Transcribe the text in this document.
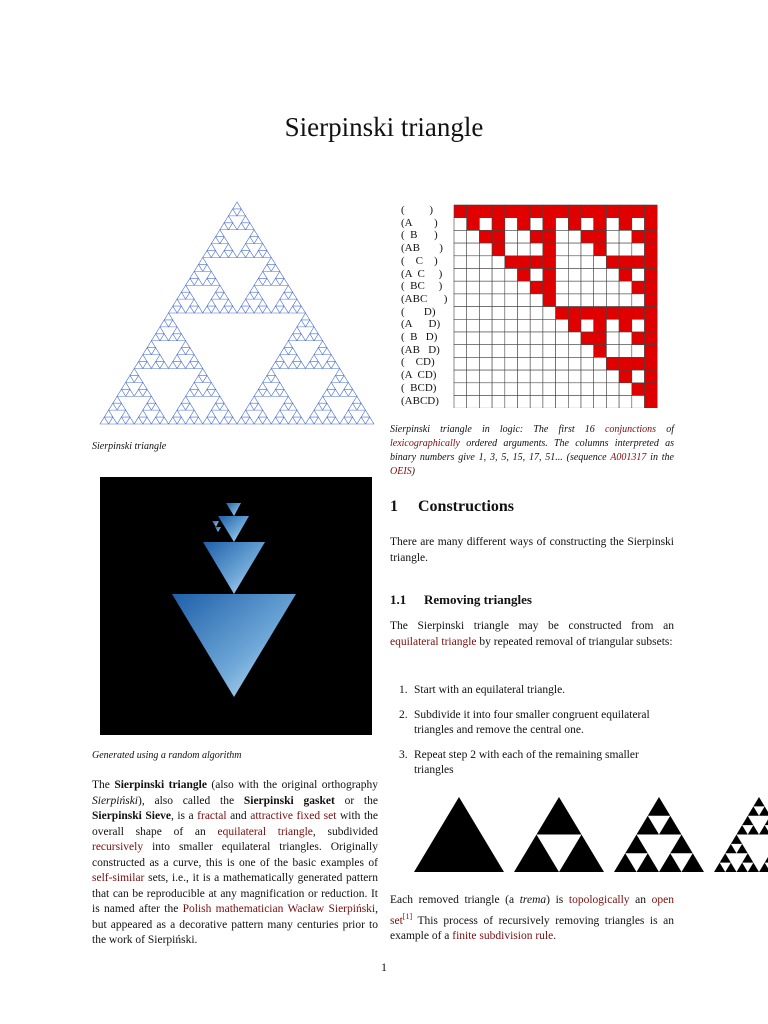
Sierpinski triangle
Sierpinski triangle
Generated using a random algorithm
The Sierpinski triangle (also with the original orthography Sierpiński), also called the Sierpinski gasket or the Sierpinski Sieve, is a fractal and attractive fixed set with the overall shape of an equilateral triangle, subdivided recursively into smaller equilateral triangles. Originally constructed as a curve, this is one of the basic examples of self-similar sets, i.e., it is a mathematically generated pattern that can be reproducible at any magnification or reduction. It is named after the Polish mathematician Wacław Sierpiński, but appeared as a decorative pattern many centuries prior to the work of Sierpiński.
(         )
(A        )
(  B      )
(AB       )
(    C    )
(A  C     )
(  BC     )
(ABC      )
(       D)
(A      D)
(  B   D)
(AB   D)
(    CD)
(A  CD)
(  BCD)
(ABCD)
Sierpinski triangle in logic: The first 16 conjunctions of lexicographically ordered arguments. The columns interpreted as binary numbers give 1, 3, 5, 15, 17, 51... (sequence A001317 in the OEIS)
1 Constructions
There are many different ways of constructing the Sierpinski triangle.
1.1 Removing triangles
The Sierpinski triangle may be constructed from an equilateral triangle by repeated removal of triangular subsets:
1. Start with an equilateral triangle.
2. Subdivide it into four smaller congruent equilateral triangles and remove the central one.
3. Repeat step 2 with each of the remaining smaller triangles
Each removed triangle (a trema) is topologically an open set[1] This process of recursively removing triangles is an example of a finite subdivision rule.
1
